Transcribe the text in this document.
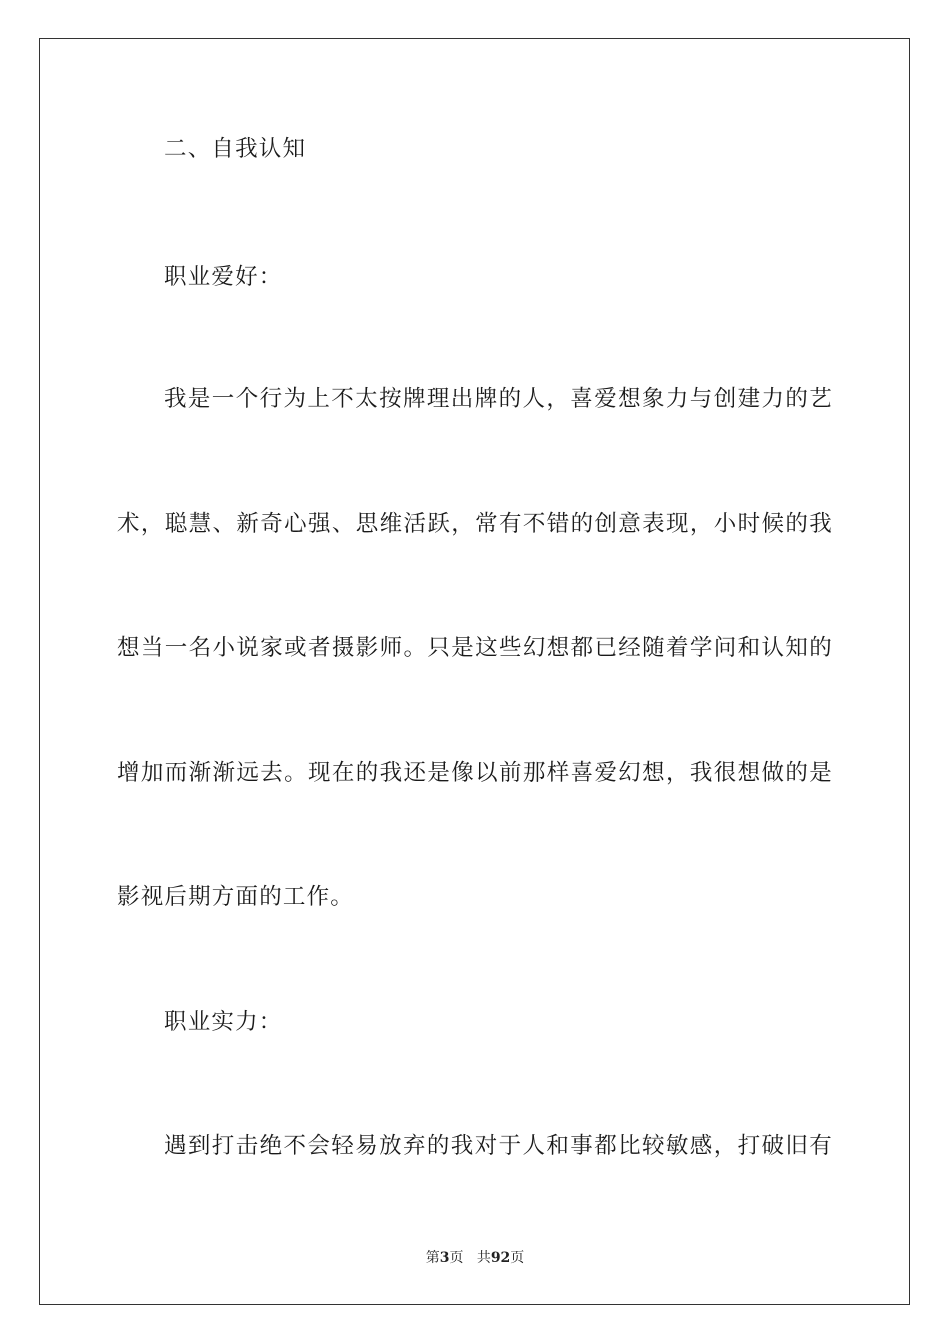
二、自我认知
职业爱好：
我是一个行为上不太按牌理出牌的人，喜爱想象力与创建力的艺
术，聪慧、新奇心强、思维活跃，常有不错的创意表现，小时候的我
想当一名小说家或者摄影师。只是这些幻想都已经随着学问和认知的
增加而渐渐远去。现在的我还是像以前那样喜爱幻想，我很想做的是
影视后期方面的工作。
职业实力：
遇到打击绝不会轻易放弃的我对于人和事都比较敏感，打破旧有
第3页 共92页
